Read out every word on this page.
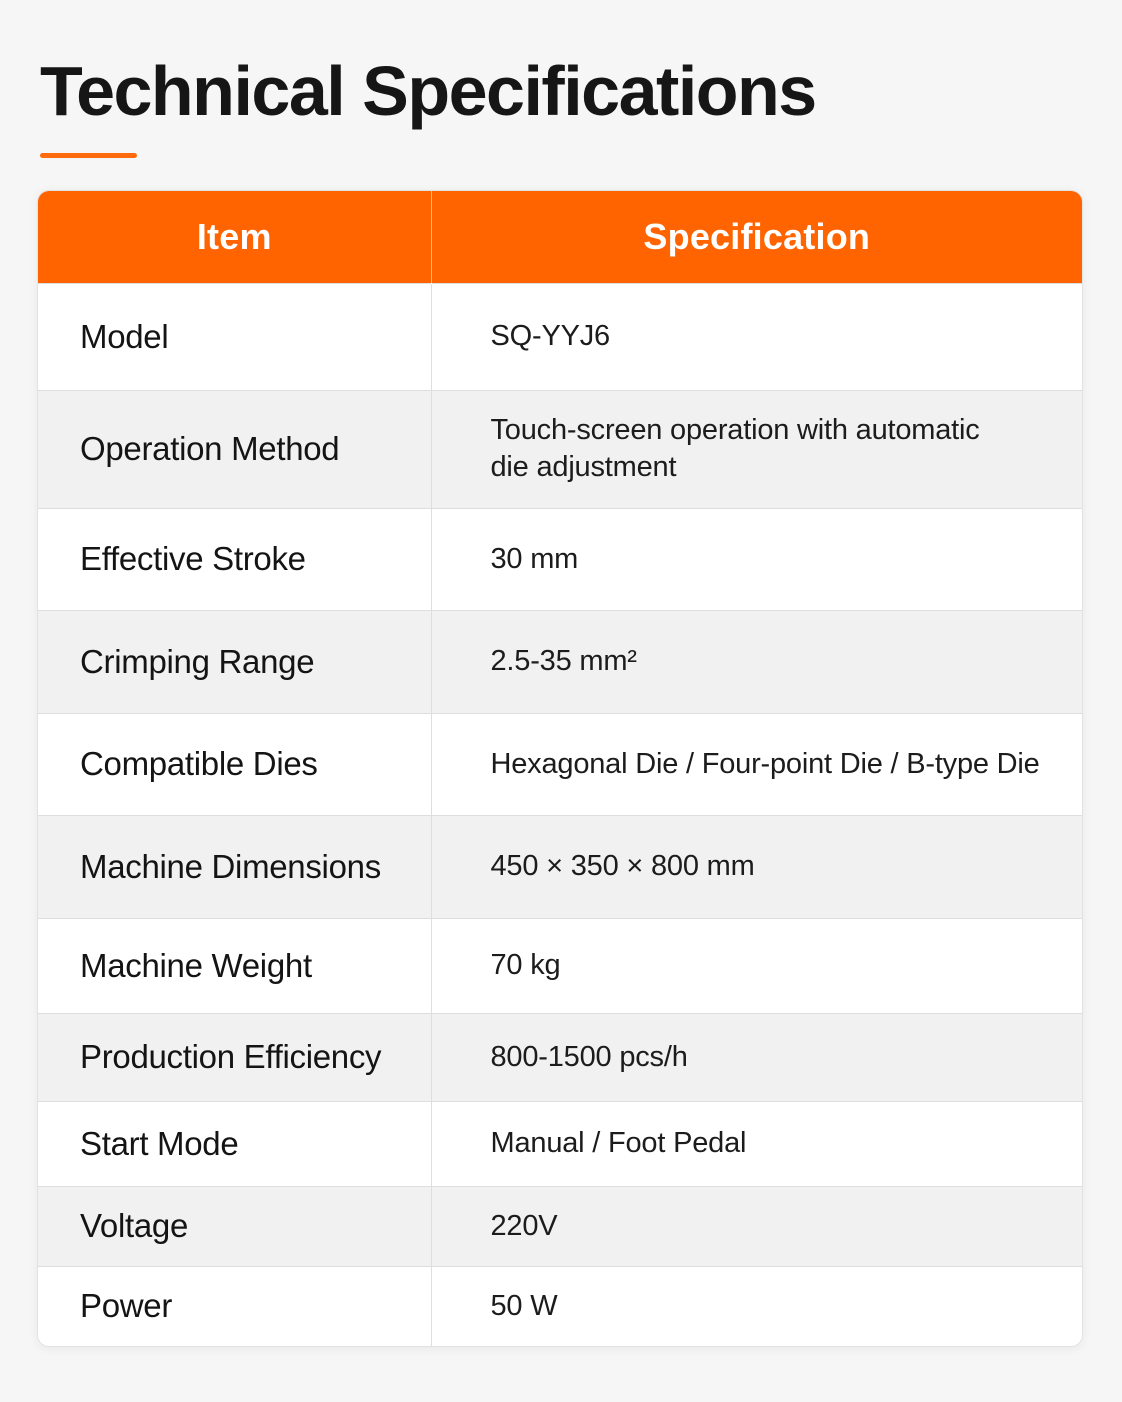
Technical Specifications
Item	Specification
Model	SQ-YYJ6
Operation Method	Touch-screen operation with automatic
die adjustment

Effective Stroke	30 mm
Crimping Range	2.5-35 mm²
Compatible Dies	Hexagonal Die / Four-point Die / B-type Die
Machine Dimensions	450 × 350 × 800 mm
Machine Weight	70 kg
Production Efficiency	800-1500 pcs/h
Start Mode	Manual / Foot Pedal
Voltage	220V
Power	50 W
